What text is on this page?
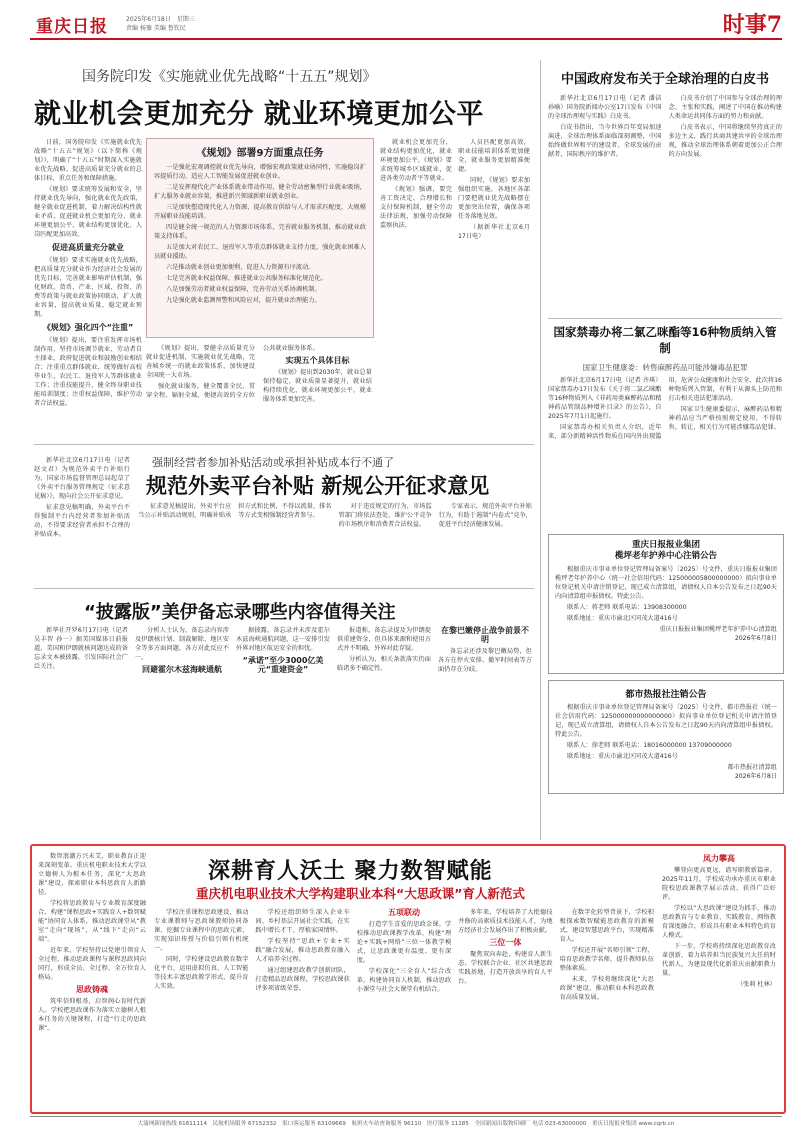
重庆日报	2025年6月18日　星期三
责编 杨豫 美编 鲁钦民	时事7
国务院印发《实施就业优先战略“十五五”规划》
就业机会更加充分 就业环境更加公平

日前，国务院印发《实施就业优先战略“十五五”规划》（以下简称《规划》），明确了“十五五”时期深入实施就业优先战略、促进高质量充分就业的总体目标、重点任务和保障措施。

《规划》要求统筹发展和安全，坚持就业优先导向，强化就业优先政策，健全就业促进机制，着力解决结构性就业矛盾，促进就业机会更加充分、就业环境更加公平、就业结构更加优化、人岗匹配更加高效。

促进高质量充分就业

《规划》要求实施就业优先战略，把高质量充分就业作为经济社会发展的优先目标，完善就业影响评估机制，强化财政、货币、产业、区域、投资、消费等政策与就业政策协同联动，扩大就业容量，提高就业质量，稳定就业预期。

《规划》强化四个“注重”

《规划》提出，要注重发挥市场机制作用，坚持市场调节就业、劳动者自主择业、政府促进就业和鼓励创业相结合；注重重点群体就业，统筹做好高校毕业生、农民工、退役军人等群体就业工作；注重技能提升，健全终身职业技能培训制度；注重权益保障，维护劳动者合法权益。

《规划》部署9方面重点任务

一是强化宏观调控就业优先导向，增强宏观政策就业协同性，实施稳岗扩容提质行动，适应人工智能发展促进就业创业。

二是发挥现代化产业体系就业带动作用，健全劳动密集型行业就业吸纳，扩大服务业就业容量，推进新兴领域新职业就业创业。

三是加快塑造现代化人力资源，提高教育供给与人才需求匹配度，大规模开展职业技能培训。

四是健全统一规范的人力资源市场体系，完善就业服务机制，推动就业政策支持体系。

五是加大对农民工、退役军人等重点群体就业支持力度，强化就业困难人员就业援助。

六是推动就业创业更加便利，促进人力资源有序流动。

七是完善就业权益保障，推进就业公共服务标准化规范化。

八是加强劳动者就业权益保障，完善劳动关系协调机制。

九是强化就业监测预警和风险应对，提升就业治理能力。

《规划》提出，要健全高质量充分就业促进机制，实施就业优先战略，完善城乡统一的就业政策体系，加快建设全国统一大市场。

强化就业服务，健全覆盖全民、贯穿全程、辐射全域、便捷高效的全方位公共就业服务体系。

实现五个具体目标

《规划》提出到2030年，就业总量保持稳定，就业质量显著提升，就业结构持续优化，就业环境更加公平，就业服务体系更加完善。

就业机会更加充分，就业结构更加优化，就业环境更加公平。《规划》要求统筹城乡区域就业，促进各类劳动者平等就业。

《规划》强调，要完善工资决定、合理增长和支付保障机制，健全劳动法律法规，加强劳动保障监察执法。

人员匹配更加高效，职业技能培训体系更加健全，就业服务更加精准便捷。

同时，《规划》要求加强组织实施，各地区各部门要把就业优先战略摆在更加突出位置，确保各项任务落地见效。

（据新华社北京6月17日电）

新华社北京6月17日电（记者 赵文君）为规范外卖平台补贴行为，国家市场监督管理总局起草了《外卖平台服务管理规定（征求意见稿）》，现向社会公开征求意见。

征求意见稿明确，外卖平台不得强制平台内经营者参加补贴活动，不得要求经营者承担不合理的补贴成本。

强制经营者参加补贴活动或承担补贴成本行不通了
规范外卖平台补贴 新规公开征求意见

征求意见稿提出，外卖平台应当公示补贴活动规则，明确补贴承担方式和比例，不得以流量、排名等方式变相强制经营者参与。

对于违反规定的行为，市场监管部门将依法查处，维护公平竞争的市场秩序和消费者合法权益。

专家表示，规范外卖平台补贴行为，有助于遏制“内卷式”竞争，促进平台经济健康发展。

“披露版”美伊备忘录哪些内容值得关注

新华社开罗6月17日电（记者 吴丰智 孙一）据美国媒体日前报道，美国和伊朗就核问题达成的备忘录文本被披露，引发国际社会广泛关注。

分析人士认为，备忘录内容涉及伊朗核计划、制裁解除、地区安全等多方面问题，各方对此反应不一。

回避霍尔木兹海峡通航

据披露，备忘录并未涉及霍尔木兹海峡通航问题，这一安排引发外界对地区航运安全的担忧。

“承诺”至少3000亿美元“重建资金”

报道称，备忘录提及为伊朗提供重建资金，但具体来源和使用方式并不明确，外界对此存疑。

分析认为，相关条款落实仍面临诸多不确定性。

在黎巴嫩停止战争前景不明

备忘录还涉及黎巴嫩局势，但各方在停火安排、撤军时间表等方面仍存在分歧。

中国政府发布关于全球治理的白皮书

新华社北京6月17日电（记者 潘洁 孙喻）国务院新闻办公室17日发布《中国的全球治理观与实践》白皮书。

白皮书指出，当今世界百年变局加速演进，全球治理体系面临深刻调整，中国始终做世界和平的建设者、全球发展的贡献者、国际秩序的维护者。

白皮书介绍了中国参与全球治理的理念、主张和实践，阐述了中国在推动构建人类命运共同体方面的努力和贡献。

白皮书表示，中国将继续坚持真正的多边主义，践行共商共建共享的全球治理观，推动全球治理体系朝着更加公正合理的方向发展。

国家禁毒办将二氯乙咪酯等16种物质纳入管制
国家卫生健康委：转售麻醉药品可能涉嫌毒品犯罪

新华社北京6月17日电（记者 齐琪）国家禁毒办17日发布《关于将二氯乙咪酯等16种物质列入《非药用类麻醉药品和精神药品管制品种增补目录》的公告》，自2025年7月1日起施行。

国家禁毒办相关负责人介绍，近年来，部分新精神活性物质在国内外出现滥用，危害公众健康和社会安全，此次将16种物质列入管制，有利于从源头上防范和打击相关违法犯罪活动。

国家卫生健康委提示，麻醉药品和精神药品应当严格按照规定使用，不得转售、转让，相关行为可能涉嫌毒品犯罪。

重庆日报报业集团
榄坪老年护养中心注销公告

根据重庆市事业单位登记管理局备案号〔2025〕号文件，重庆日报报业集团榄坪老年护养中心（统一社会信用代码：125000005800000000）拟向事业单位登记机关申请注销登记，现已成立清算组，请债权人自本公告发布之日起90天内向清算组申报债权。特此公告。

联系人：蒋老师 联系电话：13908300000

联系地址：重庆市渝北区同茂大道416号

重庆日报报业集团榄坪老年护养中心清算组
2026年6月8日
都市热报社注销公告

根据重庆市事业单位登记管理局备案号〔2025〕号文件，都市热报社（统一社会信用代码：125000000000000000）拟向事业单位登记机关申请注销登记，现已成立清算组，请债权人自本公告发布之日起90天内向清算组申报债权。特此公告。

联系人：徐老师 联系电话：18016000000 13709000000

联系地址：重庆市渝北区同茂大道416号

都市热报社清算组
2026年6月8日

数智浪潮方兴未艾，职业教育正迎来深刻变革。重庆机电职业技术大学以立德树人为根本任务，深化“大思政课”建设，探索职业本科思政育人新路径。

学校将思政教育与专业教育深度融合，构建“课程思政+实践育人+数智赋能”协同育人体系，推动思政课堂从“教室”走向“现场”，从“线下”走向“云端”。

近年来，学校坚持以党建引领育人全过程，推动思政课程与课程思政同向同行，形成全员、全过程、全方位育人格局。

思政铸魂

筑牢信仰根基，启智润心育时代新人。学校把思政课作为落实立德树人根本任务的关键课程，打造“行走的思政课”。

深耕育人沃土 聚力数智赋能
重庆机电职业技术大学构建职业本科“大思政课”育人新范式

学校注重课程思政建设，推动专业课教师与思政课教师协同备课，挖掘专业课程中的思政元素，实现知识传授与价值引领有机统一。

同时，学校建设思政教育数字化平台，运用虚拟仿真、人工智能等技术丰富思政教学形式，提升育人实效。

学校还组织师生深入企业车间、乡村基层开展社会实践，在实践中增长才干、厚植家国情怀。

学校坚持“思政+专业+实践”融合发展，推动思政教育融入人才培养全过程。

通过组建思政教学创新团队，打造精品思政课程，学校思政课获评多项省级荣誉。

五项联动

打造学生喜爱的思政金课。学校推动思政课教学改革，构建“理论+实践+网络”三位一体教学模式，让思政课更有温度、更有深度。

学校深化“三全育人”综合改革，构建协同育人机制，推动思政小课堂与社会大课堂有机结合。

多年来，学校培养了大批德技并修的高素质技术技能人才，为地方经济社会发展作出了积极贡献。

三位一体

聚焦双向奔赴，构建育人新生态。学校联合企业、社区共建思政实践基地，打造开放共享的育人平台。

在数字化转型背景下，学校积极探索数智赋能思政教育的新模式，建设智慧思政平台，实现精准育人。

学校还开展“名师引领”工程，培育思政教学名师，提升教师队伍整体素质。

未来，学校将继续深化“大思政课”建设，推动职业本科思政教育高质量发展。

凤力攀高

攀登向更高更远，谱写职教新篇章。2025年11月，学校成功承办重庆市职业院校思政课教学展示活动，获得广泛好评。

学校以“大思政课”建设为抓手，推动思政教育与专业教育、实践教育、网络教育深度融合，形成具有职业本科特色的育人模式。

下一步，学校将持续深化思政教育改革创新，着力培养担当民族复兴大任的时代新人，为建设现代化新重庆贡献职教力量。

（张莉 杜林）
大渝网新闻热线 61611114　民航机场服务 67152332　渠口客运服务 63109669　航班火车站查询服务 96110　医疗服务 11185　全国新闻出版物印刷厂 电话 023-63000000　重庆日报报业集团 www.cqrb.cn
